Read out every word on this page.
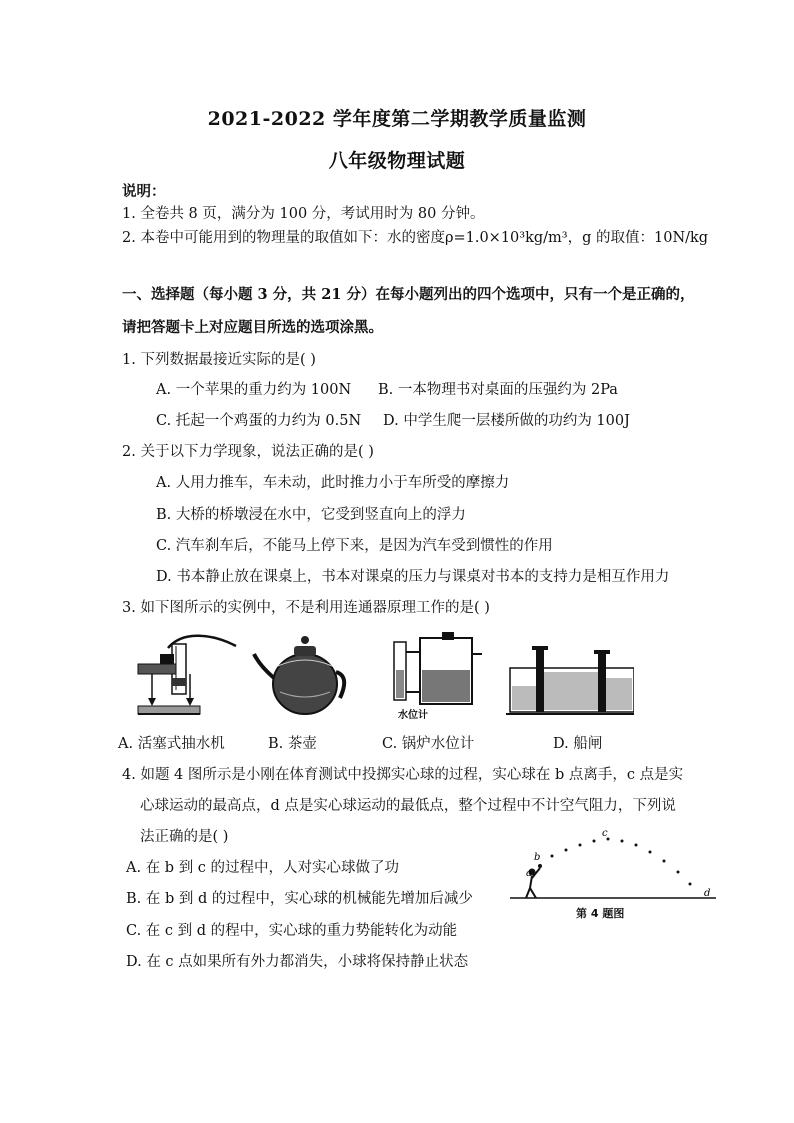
2021-2022 学年度第二学期教学质量监测
八年级物理试题
说明：
1. 全卷共 8 页，满分为 100 分，考试用时为 80 分钟。
2. 本卷中可能用到的物理量的取值如下：水的密度ρ=1.0×10³kg/m³，g 的取值：10N/kg
一、选择题（每小题 3 分，共 21 分）在每小题列出的四个选项中，只有一个是正确的，
请把答题卡上对应题目所选的选项涂黑。
1. 下列数据最接近实际的是( )
A. 一个苹果的重力约为 100N B. 一本物理书对桌面的压强约为 2Pa
C. 托起一个鸡蛋的力约为 0.5N D. 中学生爬一层楼所做的功约为 100J
2. 关于以下力学现象，说法正确的是( )
A. 人用力推车，车未动，此时推力小于车所受的摩擦力
B. 大桥的桥墩浸在水中，它受到竖直向上的浮力
C. 汽车刹车后，不能马上停下来，是因为汽车受到惯性的作用
D. 书本静止放在课桌上，书本对课桌的压力与课桌对书本的支持力是相互作用力
3. 如下图所示的实例中，不是利用连通器原理工作的是( )
水位计
A. 活塞式抽水机	B. 茶壶	C. 锅炉水位计	D. 船闸
4. 如题 4 图所示是小刚在体育测试中投掷实心球的过程，实心球在 b 点离手，c 点是实
心球运动的最高点，d 点是实心球运动的最低点，整个过程中不计空气阻力，下列说
法正确的是( )
A. 在 b 到 c 的过程中，人对实心球做了功
B. 在 b 到 d 的过程中，实心球的机械能先增加后减少
C. 在 c 到 d 的程中，实心球的重力势能转化为动能
D. 在 c 点如果所有外力都消失，小球将保持静止状态
a
b
c
d
第 4 题图
